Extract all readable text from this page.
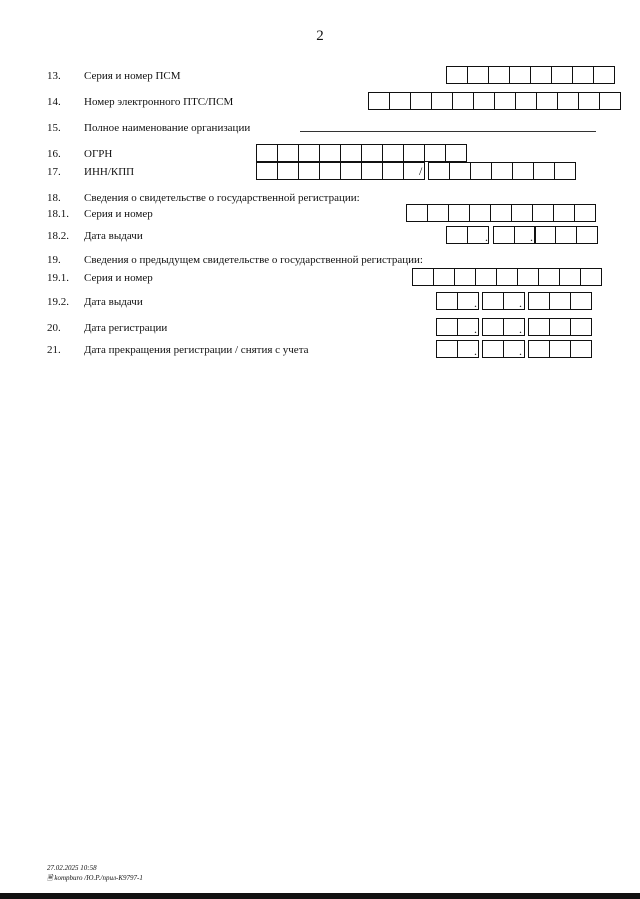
2
13. Серия и номер ПСМ
14. Номер электронного ПТС/ПСМ
15. Полное наименование организации
16. ОГРН
17. ИНН/КПП	/
18. Сведения о свидетельстве о государственной регистрации:
18.1. Серия и номер
18.2. Дата выдачи	.	.
19. Сведения о предыдущем свидетельстве о государственной регистрации:
19.1. Серия и номер
19.2. Дата выдачи	.	.
20. Дата регистрации	.	.
21. Дата прекращения регистрации / снятия с учета	.	.
27.02.2025 10:58
🗎 kompburo /Ю.Р./прил-К9797-1
